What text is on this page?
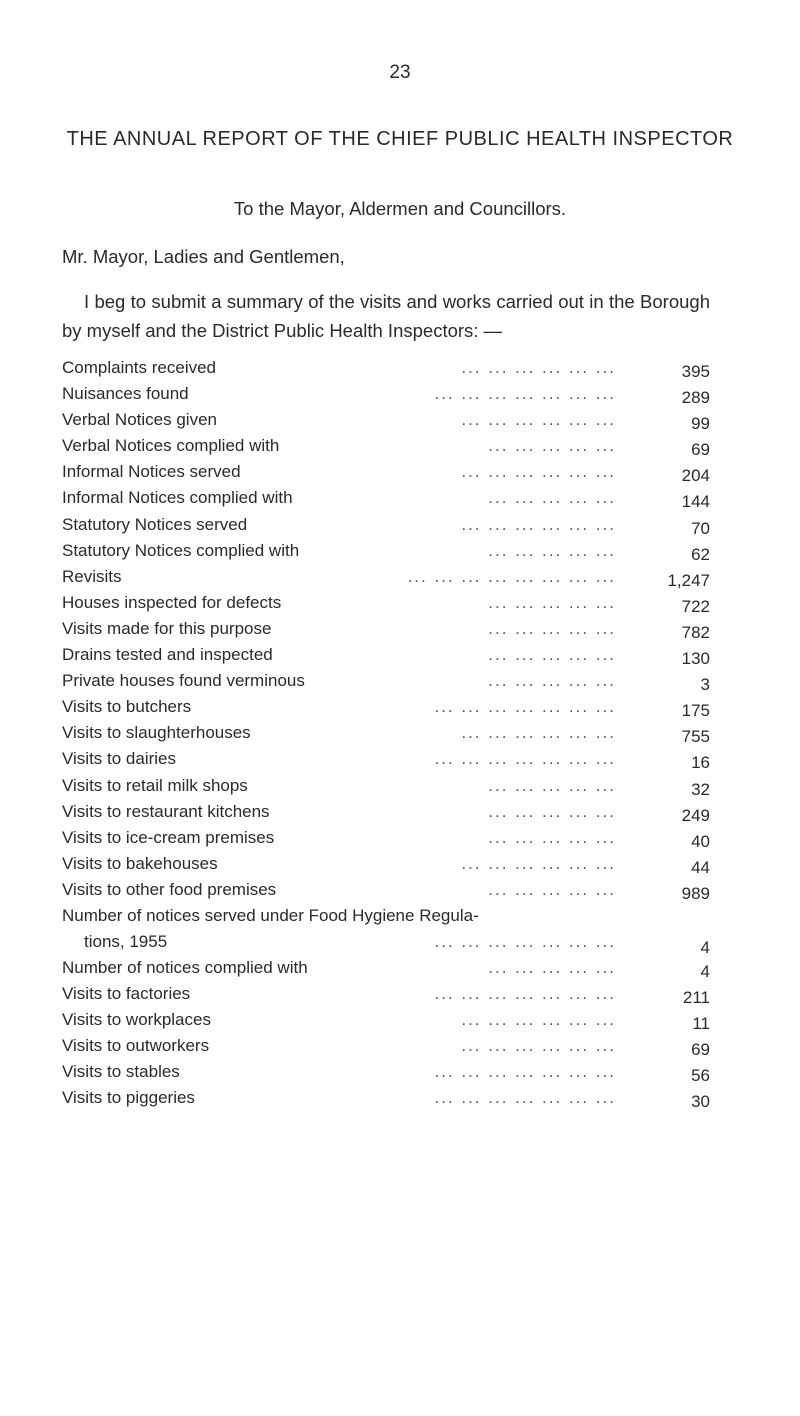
23
THE ANNUAL REPORT OF THE CHIEF PUBLIC HEALTH INSPECTOR
To the Mayor, Aldermen and Councillors.
Mr. Mayor, Ladies and Gentlemen,
I beg to submit a summary of the visits and works carried out in the Borough by myself and the District Public Health Inspectors: —
Complaints received	... ... ... ... ... ...	395
Nuisances found	... ... ... ... ... ... ...	289
Verbal Notices given	... ... ... ... ... ...	99
Verbal Notices complied with	... ... ... ... ...	69
Informal Notices served	... ... ... ... ... ...	204
Informal Notices complied with	... ... ... ... ...	144
Statutory Notices served	... ... ... ... ... ...	70
Statutory Notices complied with	... ... ... ... ...	62
Revisits	... ... ... ... ... ... ... ...	1,247
Houses inspected for defects	... ... ... ... ...	722
Visits made for this purpose	... ... ... ... ...	782
Drains tested and inspected	... ... ... ... ...	130
Private houses found verminous	... ... ... ... ...	3
Visits to butchers	... ... ... ... ... ... ...	175
Visits to slaughterhouses	... ... ... ... ... ...	755
Visits to dairies	... ... ... ... ... ... ...	16
Visits to retail milk shops	... ... ... ... ...	32
Visits to restaurant kitchens	... ... ... ... ...	249
Visits to ice-cream premises	... ... ... ... ...	40
Visits to bakehouses	... ... ... ... ... ...	44
Visits to other food premises	... ... ... ... ...	989
Number of notices served under Food Hygiene Regula-
tions, 1955	... ... ... ... ... ... ...	4
Number of notices complied with	... ... ... ... ...	4
Visits to factories	... ... ... ... ... ... ...	211
Visits to workplaces	... ... ... ... ... ...	11
Visits to outworkers	... ... ... ... ... ...	69
Visits to stables	... ... ... ... ... ... ...	56
Visits to piggeries	... ... ... ... ... ... ...	30
